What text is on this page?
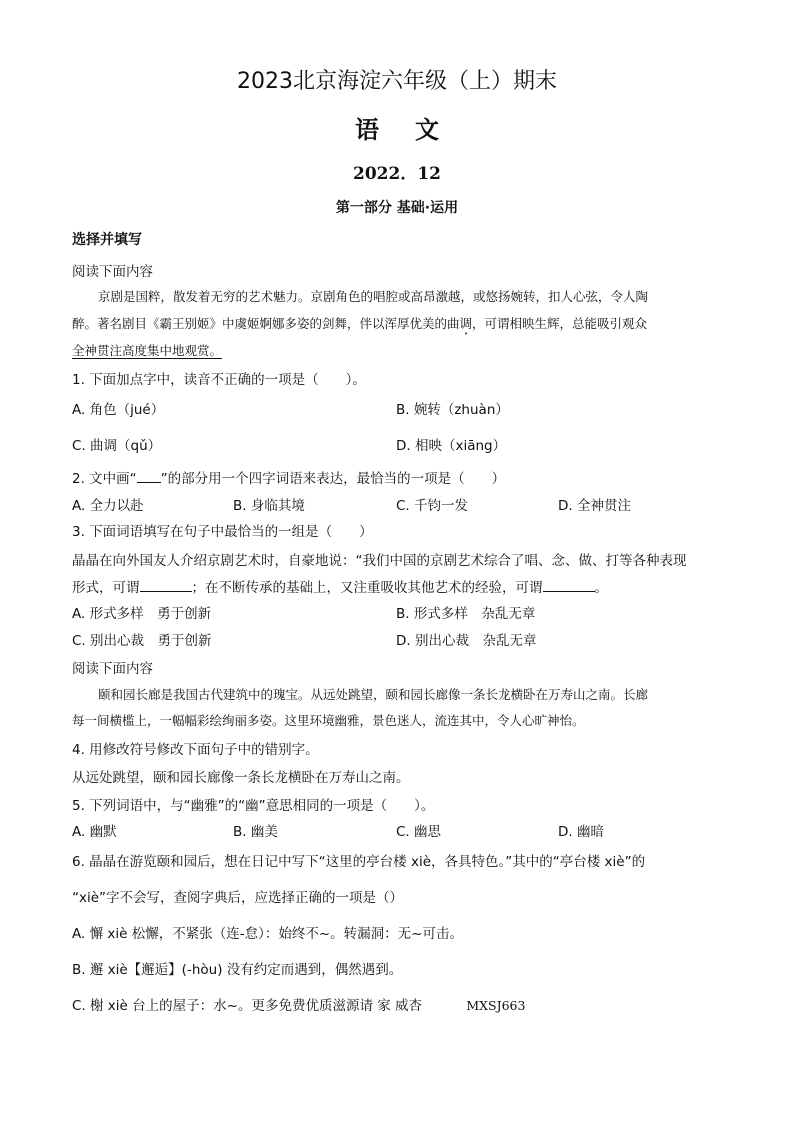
2023北京海淀六年级（上）期末
语文
2022．12
第一部分 基础·运用
选择并填写
阅读下面内容
京剧是国粹，散发着无穷的艺术魅力。京剧角色的唱腔或高昂激越，或悠扬婉转，扣人心弦，令人陶
醉。著名剧目《霸王别姬》中虞姬婀娜多姿的剑舞，伴以浑厚优美的曲调，可谓相映生辉，总能吸引观众
全神贯注高度集中地观赏。
1. 下面加点字中，读音不正确的一项是（　　）。
A. 角色（jué）	B. 婉转（zhuàn）
C. 曲调（qǔ）	D. 相映（xiāng）
2. 文中画“ ”的部分用一个四字词语来表达，最恰当的一项是（　　）
A. 全力以赴	B. 身临其境	C. 千钧一发	D. 全神贯注
3. 下面词语填写在句子中最恰当的一组是（　　）
晶晶在向外国友人介绍京剧艺术时，自豪地说：“我们中国的京剧艺术综合了唱、念、做、打等各种表现
形式，可谓	；在不断传承的基础上，又注重吸收其他艺术的经验，可谓	。
A. 形式多样　勇于创新	B. 形式多样　杂乱无章
C. 别出心裁　勇于创新	D. 别出心裁　杂乱无章
阅读下面内容
颐和园长廊是我国古代建筑中的瑰宝。从远处跳望，颐和园长廊像一条长龙横卧在万寿山之南。长廊
每一间横槛上，一幅幅彩绘绚丽多姿。这里环境幽雅，景色迷人，流连其中，令人心旷神怡。
4. 用修改符号修改下面句子中的错别字。
从远处跳望，颐和园长廊像一条长龙横卧在万寿山之南。
5. 下列词语中，与“幽雅”的“幽”意思相同的一项是（　　）。
A. 幽默	B. 幽美	C. 幽思	D. 幽暗
6. 晶晶在游览颐和园后，想在日记中写下“这里的亭台楼 xiè，各具特色。”其中的“亭台楼 xiè”的
“xiè”字不会写，查阅字典后，应选择正确的一项是（）
A. 懈 xiè 松懈，不紧张（连-怠）：始终不~。转漏洞：无~可击。
B. 邂 xiè【邂逅】(-hòu) 没有约定而遇到，偶然遇到。
C. 榭 xiè 台上的屋子：水~。更多免费优质滋源请 家 威杏	MXSJ663
